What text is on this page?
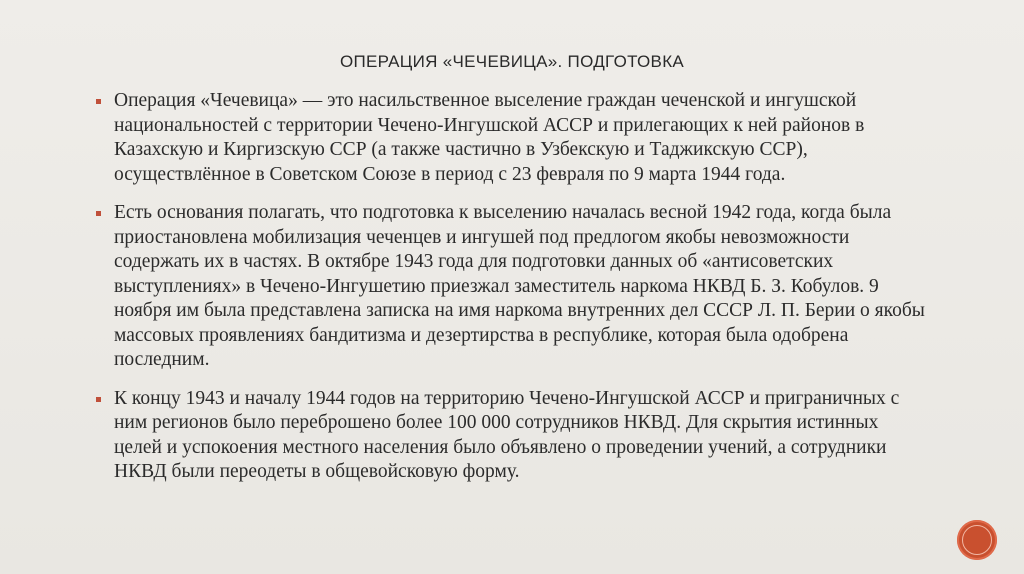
ОПЕРАЦИЯ «ЧЕЧЕВИЦА». ПОДГОТОВКА
Операция «Чечевица» — это насильственное выселение граждан чеченской и ингушской национальностей с территории Чечено-Ингушской АССР и прилегающих к ней районов в Казахскую и Киргизскую ССР (а также частично в Узбекскую и Таджикскую ССР), осуществлённое в Советском Союзе в период с 23 февраля по 9 марта 1944 года.
Есть основания полагать, что подготовка к выселению началась весной 1942 года, когда была приостановлена мобилизация чеченцев и ингушей под предлогом якобы невозможности содержать их в частях. В октябре 1943 года для подготовки данных об «антисоветских выступлениях» в Чечено-Ингушетию приезжал заместитель наркома НКВД Б. З. Кобулов. 9 ноября им была представлена записка на имя наркома внутренних дел СССР Л. П. Берии о якобы массовых проявлениях бандитизма и дезертирства в республике, которая была одобрена последним.
К концу 1943 и началу 1944 годов на территорию Чечено-Ингушской АССР и приграничных с ним регионов было переброшено более 100 000 сотрудников НКВД. Для скрытия истинных целей и успокоения местного населения было объявлено о проведении учений, а сотрудники НКВД были переодеты в общевойсковую форму.
